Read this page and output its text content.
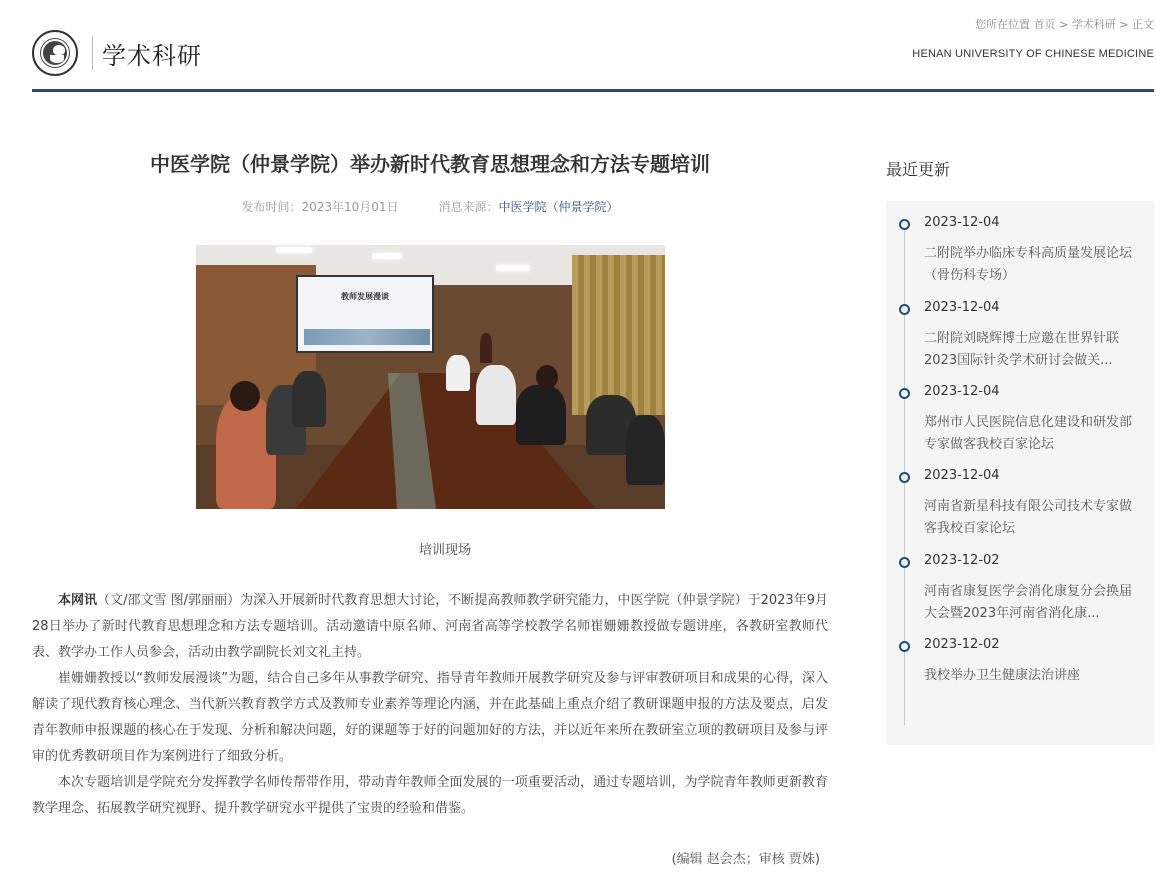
学术科研
您所在位置 首页 > 学术科研 > 正文
HENAN UNIVERSITY OF CHINESE MEDICINE
中医学院（仲景学院）举办新时代教育思想理念和方法专题培训
发布时间：2023年10月01日	消息来源：中医学院（仲景学院）
教师发展漫谈
培训现场

本网讯（文/邵文雪 图/郭丽丽）为深入开展新时代教育思想大讨论，不断提高教师教学研究能力，中医学院（仲景学院）于2023年9月28日举办了新时代教育思想理念和方法专题培训。活动邀请中原名师、河南省高等学校教学名师崔姗姗教授做专题讲座，各教研室教师代表、教学办工作人员参会，活动由教学副院长刘文礼主持。

崔姗姗教授以“教师发展漫谈”为题，结合自己多年从事教学研究、指导青年教师开展教学研究及参与评审教研项目和成果的心得，深入解读了现代教育核心理念、当代新兴教育教学方式及教师专业素养等理论内涵，并在此基础上重点介绍了教研课题申报的方法及要点，启发青年教师申报课题的核心在于发现、分析和解决问题，好的课题等于好的问题加好的方法，并以近年来所在教研室立项的教研项目及参与评审的优秀教研项目作为案例进行了细致分析。

本次专题培训是学院充分发挥教学名师传帮带作用，带动青年教师全面发展的一项重要活动，通过专题培训，为学院青年教师更新教育教学理念、拓展教学研究视野、提升教学研究水平提供了宝贵的经验和借鉴。

(编辑 赵会杰；审核 贾姝)
最近更新
2023-12-04
二附院举办临床专科高质量发展论坛（骨伤科专场）
2023-12-04
二附院刘晓辉博士应邀在世界针联2023国际针灸学术研讨会做关...
2023-12-04
郑州市人民医院信息化建设和研发部专家做客我校百家论坛
2023-12-04
河南省新星科技有限公司技术专家做客我校百家论坛
2023-12-02
河南省康复医学会消化康复分会换届大会暨2023年河南省消化康...
2023-12-02
我校举办卫生健康法治讲座
